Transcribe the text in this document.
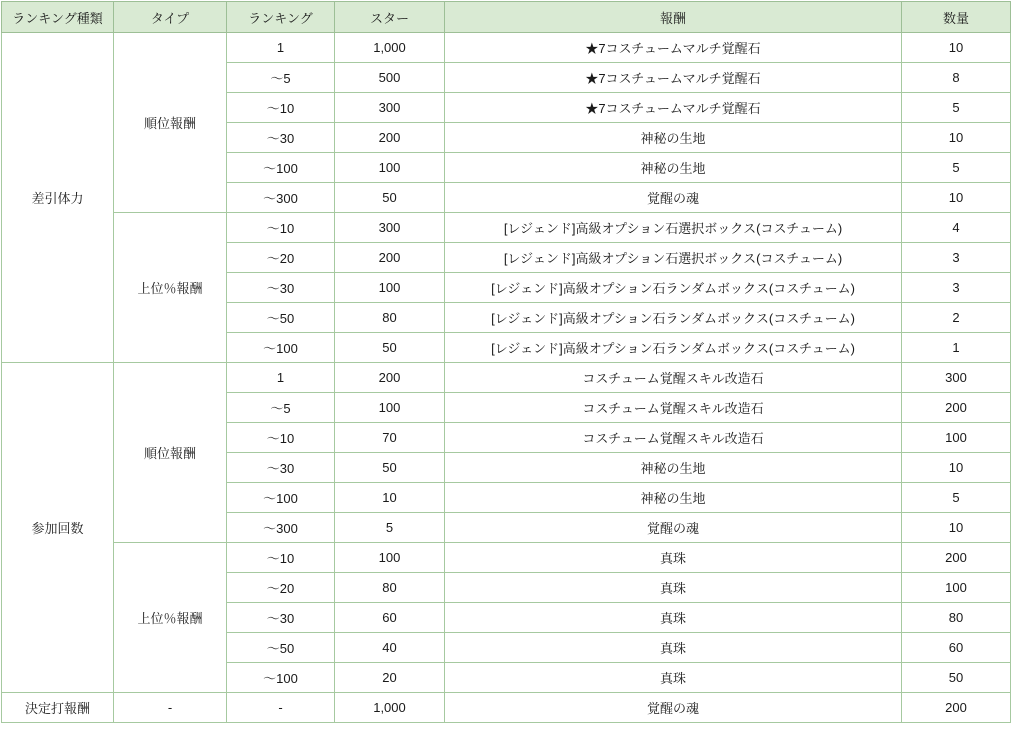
ランキング種類	タイプ	ランキング	スター	報酬	数量
差引体力	順位報酬	1	1,000	★7コスチュームマルチ覚醒石	10
		～5	500	★7コスチュームマルチ覚醒石	8
		～10	300	★7コスチュームマルチ覚醒石	5
		～30	200	神秘の生地	10
		～100	100	神秘の生地	5
		～300	50	覚醒の魂	10
	上位％報酬	～10	300	[レジェンド]高級オプション石選択ボックス(コスチューム)	4
		～20	200	[レジェンド]高級オプション石選択ボックス(コスチューム)	3
		～30	100	[レジェンド]高級オプション石ランダムボックス(コスチューム)	3
		～50	80	[レジェンド]高級オプション石ランダムボックス(コスチューム)	2
		～100	50	[レジェンド]高級オプション石ランダムボックス(コスチューム)	1
参加回数	順位報酬	1	200	コスチューム覚醒スキル改造石	300
		～5	100	コスチューム覚醒スキル改造石	200
		～10	70	コスチューム覚醒スキル改造石	100
		～30	50	神秘の生地	10
		～100	10	神秘の生地	5
		～300	5	覚醒の魂	10
	上位％報酬	～10	100	真珠	200
		～20	80	真珠	100
		～30	60	真珠	80
		～50	40	真珠	60
		～100	20	真珠	50
決定打報酬	-	-	1,000	覚醒の魂	200
